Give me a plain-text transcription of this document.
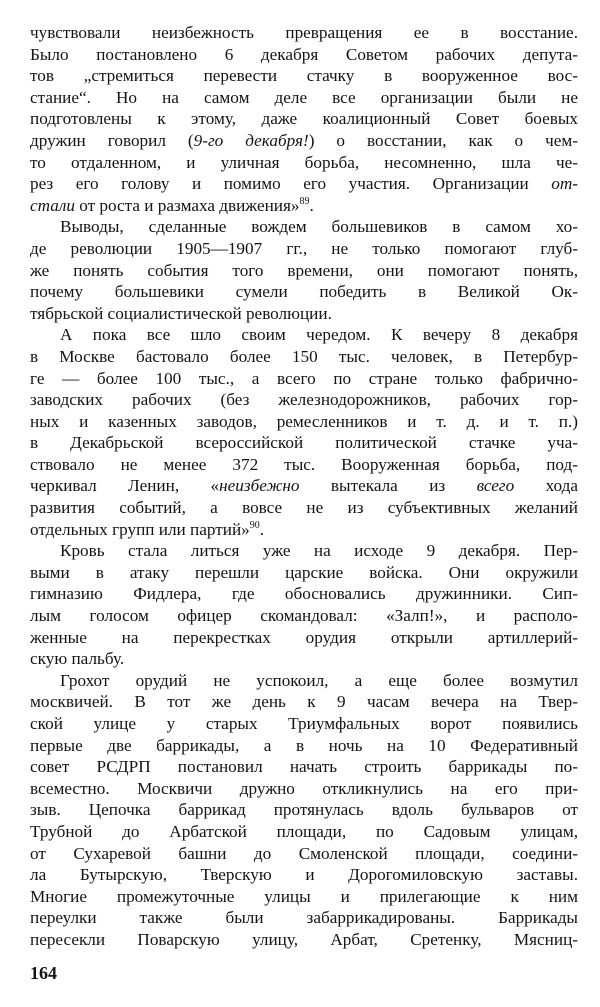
чувствовали неизбежность превращения ее в восстание.
Было постановлено 6 декабря Советом рабочих депута-
тов „стремиться перевести стачку в вооруженное вос-
стание“. Но на самом деле все организации были не
подготовлены к этому, даже коалиционный Совет боевых
дружин говорил (9-го декабря!) о восстании, как о чем-
то отдаленном, и уличная борьба, несомненно, шла че-
рез его голову и помимо его участия. Организации от-
стали от роста и размаха движения»$^{89}$.
Выводы, сделанные вождем большевиков в самом хо-
де революции 1905—1907 гг., не только помогают глуб-
же понять события того времени, они помогают понять,
почему большевики сумели победить в Великой Ок-
тябрьской социалистической революции.
А пока все шло своим чередом. К вечеру 8 декабря
в Москве бастовало более 150 тыс. человек, в Петербур-
ге — более 100 тыс., а всего по стране только фабрично-
заводских рабочих (без железнодорожников, рабочих гор-
ных и казенных заводов, ремесленников и т. д. и т. п.)
в Декабрьской всероссийской политической стачке уча-
ствовало не менее 372 тыс. Вооруженная борьба, под-
черкивал Ленин, «неизбежно вытекала из всего хода
развития событий, а вовсе не из субъективных желаний
отдельных групп или партий»$^{90}$.
Кровь стала литься уже на исходе 9 декабря. Пер-
выми в атаку перешли царские войска. Они окружили
гимназию Фидлера, где обосновались дружинники. Сип-
лым голосом офицер скомандовал: «Залп!», и располо-
женные на перекрестках орудия открыли артиллерий-
скую пальбу.
Грохот орудий не успокоил, а еще более возмутил
москвичей. В тот же день к 9 часам вечера на Твер-
ской улице у старых Триумфальных ворот появились
первые две баррикады, а в ночь на 10 Федеративный
совет РСДРП постановил начать строить баррикады по-
всеместно. Москвичи дружно откликнулись на его при-
зыв. Цепочка баррикад протянулась вдоль бульваров от
Трубной до Арбатской площади, по Садовым улицам,
от Сухаревой башни до Смоленской площади, соедини-
ла Бутырскую, Тверскую и Дорогомиловскую заставы.
Многие промежуточные улицы и прилегающие к ним
переулки также были забаррикадированы. Баррикады
пересекли Поварскую улицу, Арбат, Сретенку, Мясниц-
164
